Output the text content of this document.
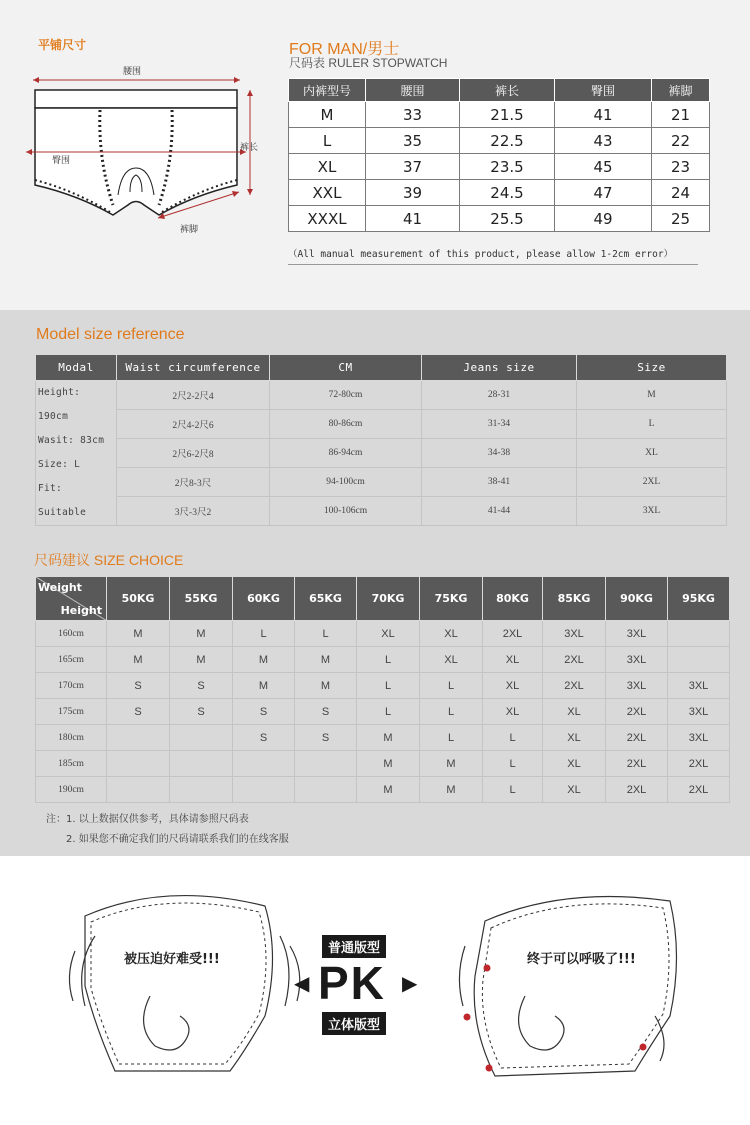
平铺尺寸
腰围
臀围
裤长
裤脚
FOR MAN/男士
尺码表 RULER STOPWATCH
内裤型号	腰围	裤长	臀围	裤脚
M	33	21.5	41	21
L	35	22.5	43	22
XL	37	23.5	45	23
XXL	39	24.5	47	24
XXXL	41	25.5	49	25
（All manual measurement of this product, please allow 1-2cm error）
Model size reference
Modal	Waist circumference	CM	Jeans size	Size

Height: 190cm
Wasit: 83cm
Size: L
Fit: Suitable	2尺2-2尺4	72-80cm	28-31	M
	2尺4-2尺6	80-86cm	31-34	L
	2尺6-2尺8	86-94cm	34-38	XL
	2尺8-3尺	94-100cm	38-41	2XL
	3尺-3尺2	100-106cm	41-44	3XL
尺码建议 SIZE CHOICE
Weight
Height	50KG	55KG	60KG	65KG	70KG	75KG	80KG	85KG	90KG	95KG
160cm	M	M	L	L	XL	XL	2XL	3XL	3XL	
165cm	M	M	M	M	L	XL	XL	2XL	3XL	
170cm	S	S	M	M	L	L	XL	2XL	3XL	3XL
175cm	S	S	S	S	L	L	XL	XL	2XL	3XL
180cm			S	S	M	L	L	XL	2XL	3XL
185cm					M	M	L	XL	2XL	2XL
190cm					M	M	L	XL	2XL	2XL
注：1. 以上数据仅供参考，具体请参照尺码表
2. 如果您不确定我们的尺码请联系我们的在线客服
被压迫好难受!!!
普通版型
◀ PK ▶
立体版型
终于可以呼吸了!!!
